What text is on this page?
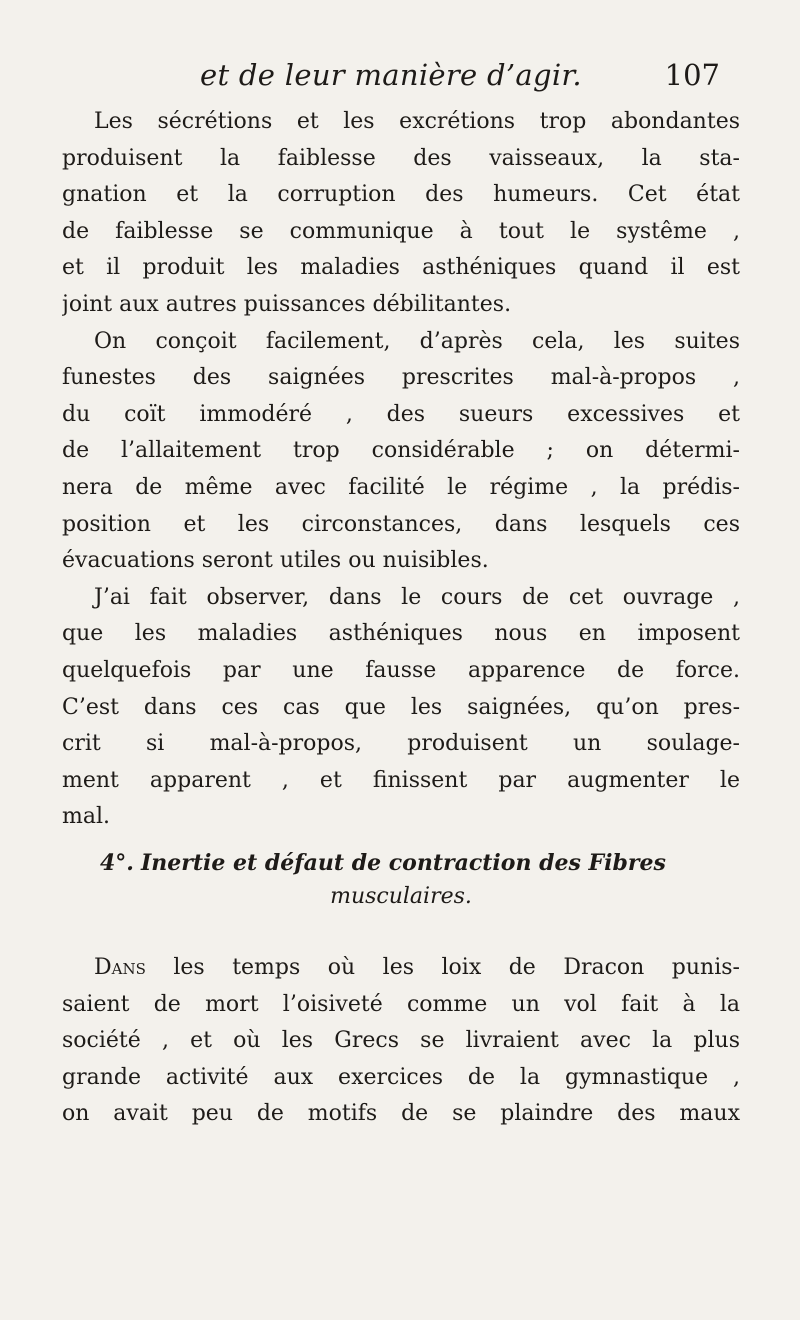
et de leur manière d’agir.	107
Les sécrétions et les excrétions trop abondantes
produisent la faiblesse des vaisseaux, la sta-
gnation et la corruption des humeurs. Cet état
de faiblesse se communique à tout le systême ,
et il produit les maladies asthéniques quand il est
joint aux autres puissances débilitantes.
On conçoit facilement, d’après cela, les suites
funestes des saignées prescrites mal-à-propos ,
du coït immodéré , des sueurs excessives et
de l’allaitement trop considérable ; on détermi-
nera de même avec facilité le régime , la prédis-
position et les circonstances, dans lesquels ces
évacuations seront utiles ou nuisibles.
J’ai fait observer, dans le cours de cet ouvrage ,
que les maladies asthéniques nous en imposent
quelquefois par une fausse apparence de force.
C’est dans ces cas que les saignées, qu’on pres-
crit si mal-à-propos, produisent un soulage-
ment apparent , et finissent par augmenter le
mal.
4°. Inertie et défaut de contraction des Fibres
musculaires.
Dans les temps où les loix de Dracon punis-
saient de mort l’oisiveté comme un vol fait à la
société , et où les Grecs se livraient avec la plus
grande activité aux exercices de la gymnastique ,
on avait peu de motifs de se plaindre des maux
